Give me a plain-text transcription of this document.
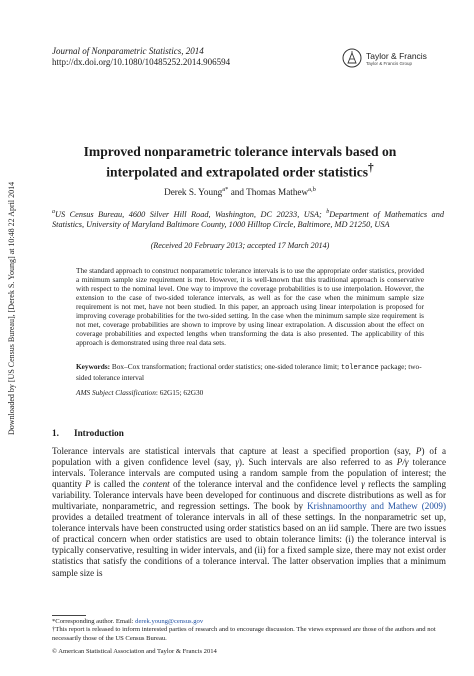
Downloaded by [US Census Bureau], [Derek S. Young] at 10:48 22 April 2014
Journal of Nonparametric Statistics, 2014
http://dx.doi.org/10.1080/10485252.2014.906594
Taylor & Francis
Taylor & Francis Group
Improved nonparametric tolerance intervals based on
interpolated and extrapolated order statistics†
Derek S. Young$^{a*}$ and Thomas Mathew$^{a,b}$
$^a$US Census Bureau, 4600 Silver Hill Road, Washington, DC 20233, USA; $^b$Department of Mathematics and Statistics, University of Maryland Baltimore County, 1000 Hilltop Circle, Baltimore, MD 21250, USA
(Received 20 February 2013; accepted 17 March 2014)
The standard approach to construct nonparametric tolerance intervals is to use the appropriate order statistics, provided a minimum sample size requirement is met. However, it is well-known that this traditional approach is conservative with respect to the nominal level. One way to improve the coverage probabilities is to use interpolation. However, the extension to the case of two-sided tolerance intervals, as well as for the case when the minimum sample size requirement is not met, have not been studied. In this paper, an approach using linear interpolation is proposed for improving coverage probabilities for the two-sided setting. In the case when the minimum sample size requirement is not met, coverage probabilities are shown to improve by using linear extrapolation. A discussion about the effect on coverage probabilities and expected lengths when transforming the data is also presented. The applicability of this approach is demonstrated using three real data sets.
Keywords: Box–Cox transformation; fractional order statistics; one-sided tolerance limit; tolerance package; two-sided tolerance interval
AMS Subject Classification: 62G15; 62G30
1. Introduction
Tolerance intervals are statistical intervals that capture at least a specified proportion (say, P) of a population with a given confidence level (say, γ). Such intervals are also referred to as P/γ tolerance intervals. Tolerance intervals are computed using a random sample from the population of interest; the quantity P is called the content of the tolerance interval and the confidence level γ reflects the sampling variability. Tolerance intervals have been developed for continuous and discrete distributions as well as for multivariate, nonparametric, and regression settings. The book by Krishnamoorthy and Mathew (2009) provides a detailed treatment of tolerance intervals in all of these settings. In the nonparametric set up, tolerance intervals have been constructed using order statistics based on an iid sample. There are two issues of practical concern when order statistics are used to obtain tolerance limits: (i) the tolerance interval is typically conservative, resulting in wider intervals, and (ii) for a fixed sample size, there may not exist order statistics that satisfy the conditions of a tolerance interval. The latter observation implies that a minimum sample size is
*Corresponding author. Email: derek.young@census.gov
†This report is released to inform interested parties of research and to encourage discussion. The views expressed are those of the authors and not necessarily those of the US Census Bureau.
© American Statistical Association and Taylor & Francis 2014
